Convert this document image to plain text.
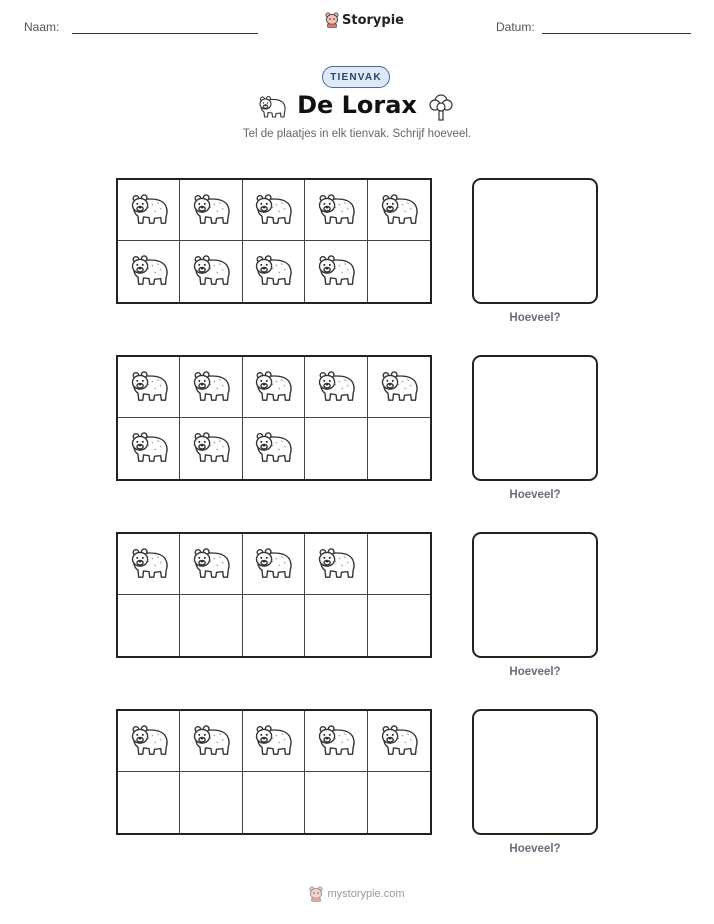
Naam:	Storypie	Datum:
TIENVAK
De Lorax
Tel de plaatjes in elk tienvak. Schrijf hoeveel.
Hoeveel?
Hoeveel?
Hoeveel?
Hoeveel?
mystorypie.com
